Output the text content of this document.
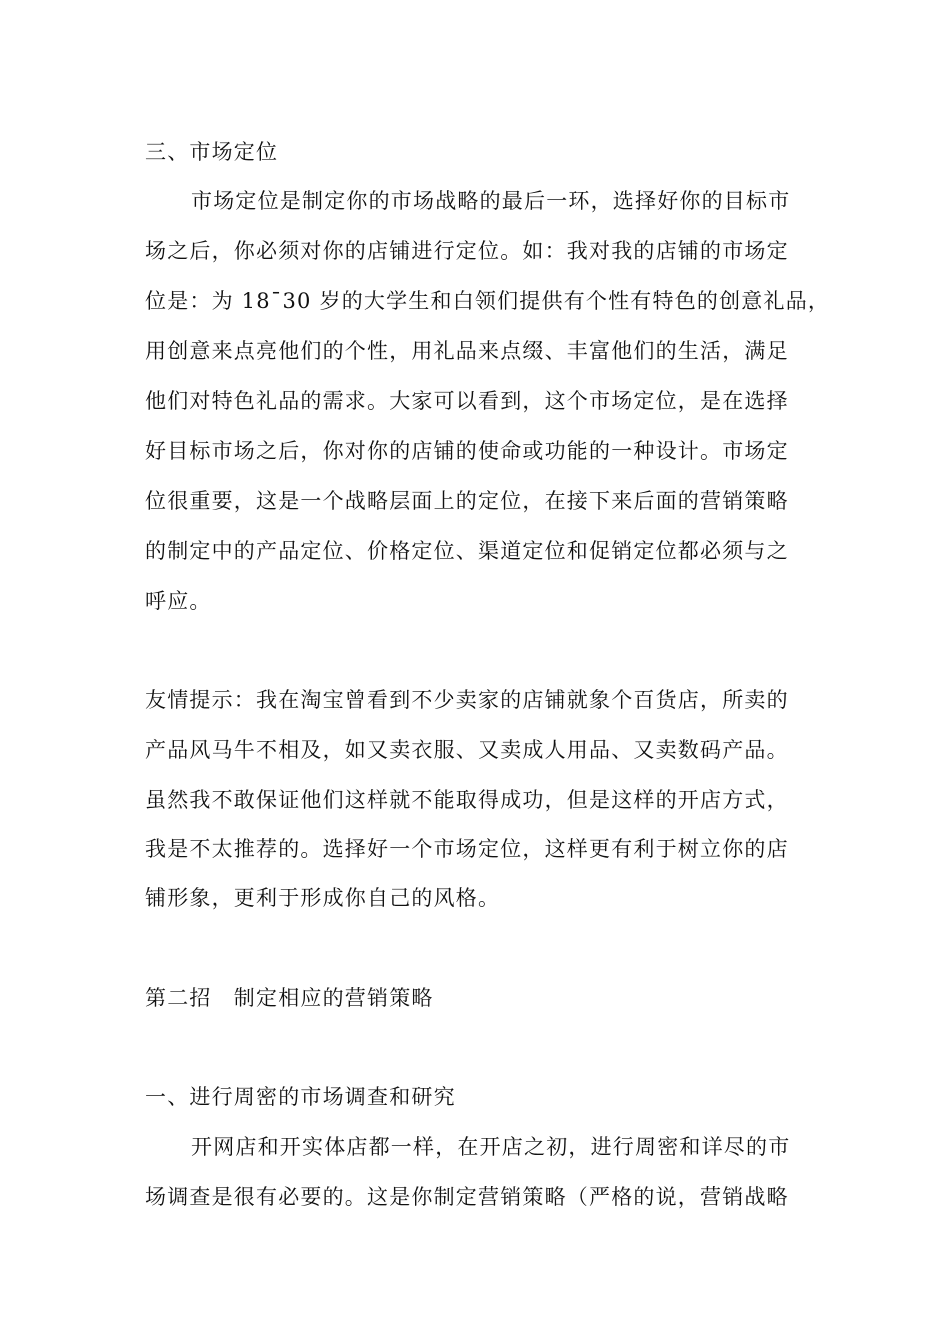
三、市场定位
市场定位是制定你的市场战略的最后一环，选择好你的目标市
场之后，你必须对你的店铺进行定位。如：我对我的店铺的市场定
位是：为 18¯30 岁的大学生和白领们提供有个性有特色的创意礼品，
用创意来点亮他们的个性，用礼品来点缀、丰富他们的生活，满足
他们对特色礼品的需求。大家可以看到，这个市场定位，是在选择
好目标市场之后，你对你的店铺的使命或功能的一种设计。市场定
位很重要，这是一个战略层面上的定位，在接下来后面的营销策略
的制定中的产品定位、价格定位、渠道定位和促销定位都必须与之
呼应。
友情提示：我在淘宝曾看到不少卖家的店铺就象个百货店，所卖的
产品风马牛不相及，如又卖衣服、又卖成人用品、又卖数码产品。
虽然我不敢保证他们这样就不能取得成功，但是这样的开店方式，
我是不太推荐的。选择好一个市场定位，这样更有利于树立你的店
铺形象，更利于形成你自己的风格。
第二招　制定相应的营销策略
一、进行周密的市场调查和研究
开网店和开实体店都一样，在开店之初，进行周密和详尽的市
场调查是很有必要的。这是你制定营销策略（严格的说，营销战略
